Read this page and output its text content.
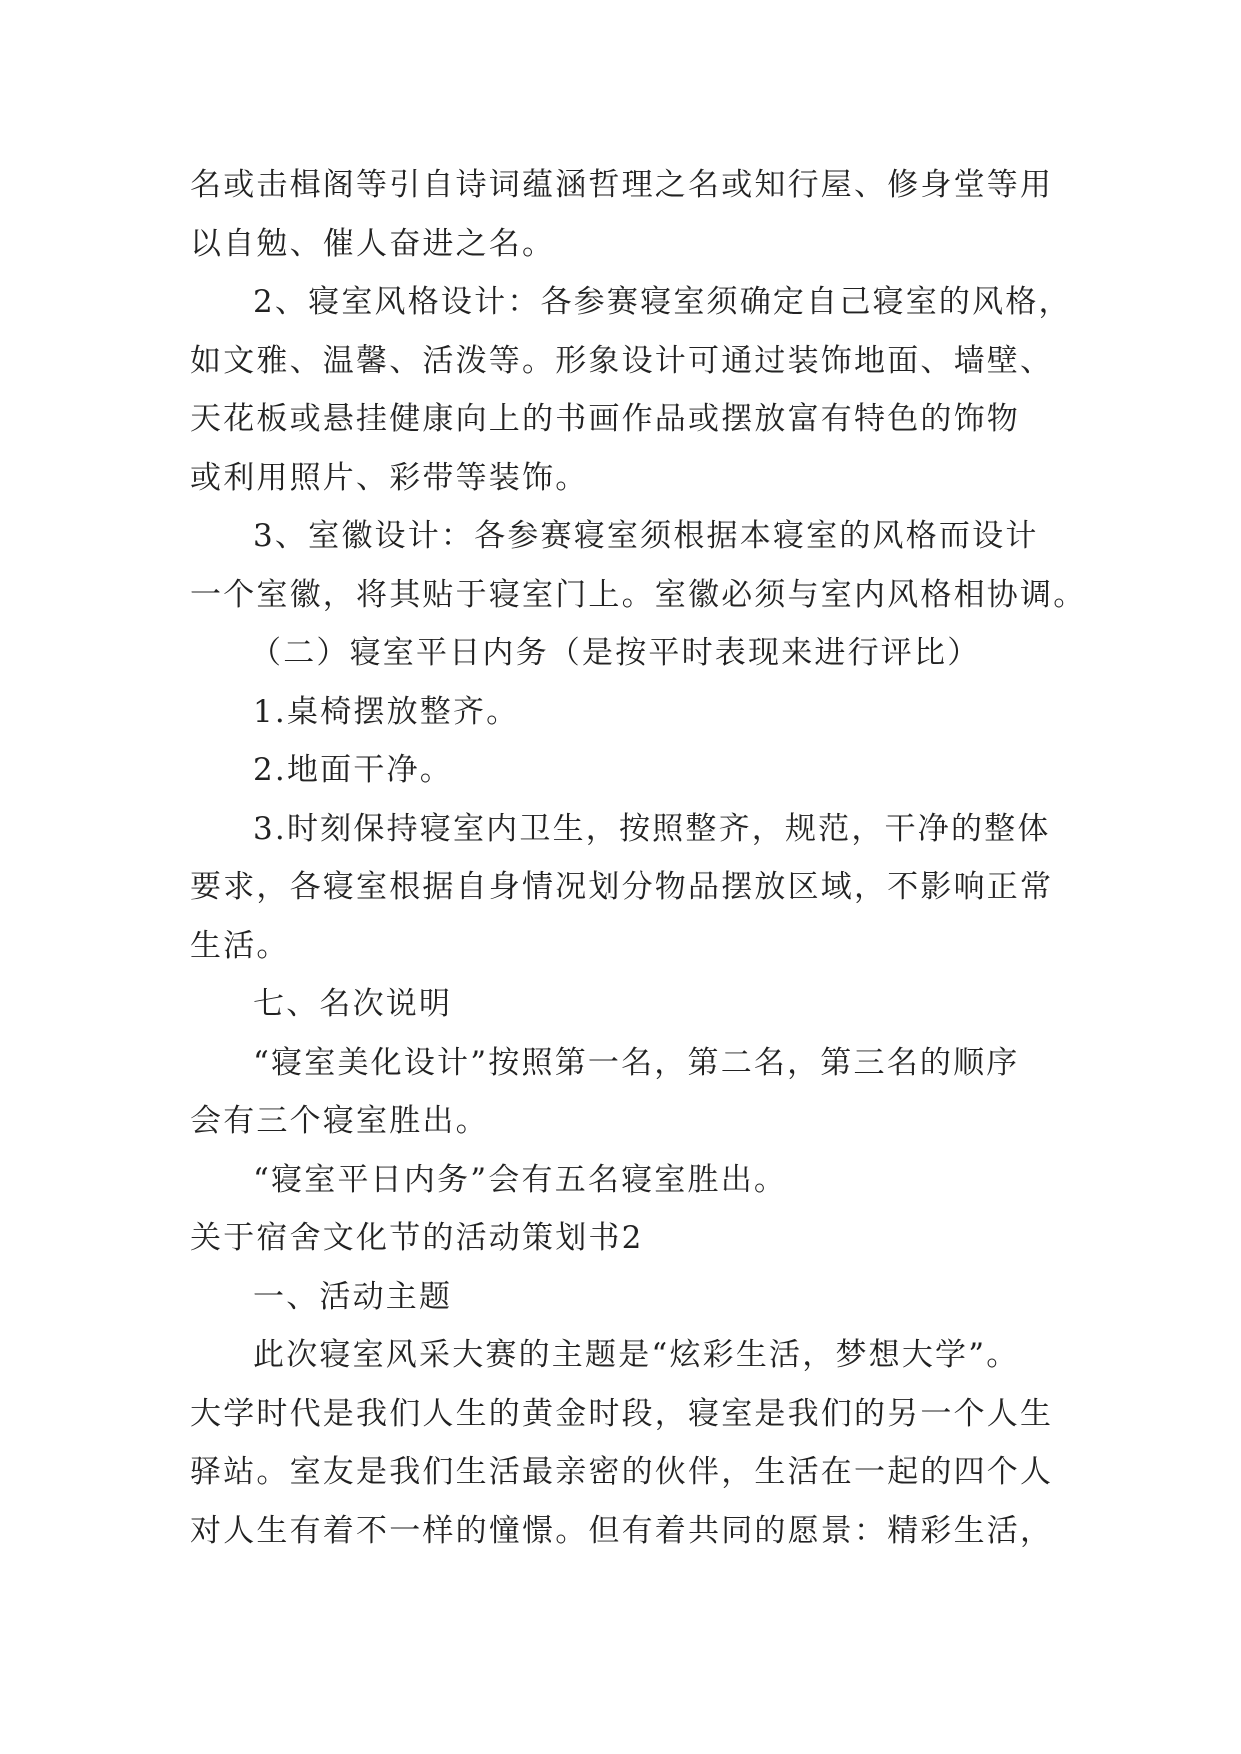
名或击楫阁等引自诗词蕴涵哲理之名或知行屋、修身堂等用
以自勉、催人奋进之名。
2、寝室风格设计：各参赛寝室须确定自己寝室的风格，
如文雅、温馨、活泼等。形象设计可通过装饰地面、墙壁、
天花板或悬挂健康向上的书画作品或摆放富有特色的饰物
或利用照片、彩带等装饰。
3、室徽设计：各参赛寝室须根据本寝室的风格而设计
一个室徽，将其贴于寝室门上。室徽必须与室内风格相协调。
（二）寝室平日内务（是按平时表现来进行评比）
1.桌椅摆放整齐。
2.地面干净。
3.时刻保持寝室内卫生，按照整齐，规范，干净的整体
要求，各寝室根据自身情况划分物品摆放区域，不影响正常
生活。
七、名次说明
“寝室美化设计”按照第一名，第二名，第三名的顺序
会有三个寝室胜出。
“寝室平日内务”会有五名寝室胜出。
关于宿舍文化节的活动策划书2
一、活动主题
此次寝室风采大赛的主题是“炫彩生活，梦想大学”。
大学时代是我们人生的黄金时段，寝室是我们的另一个人生
驿站。室友是我们生活最亲密的伙伴，生活在一起的四个人
对人生有着不一样的憧憬。但有着共同的愿景：精彩生活，
